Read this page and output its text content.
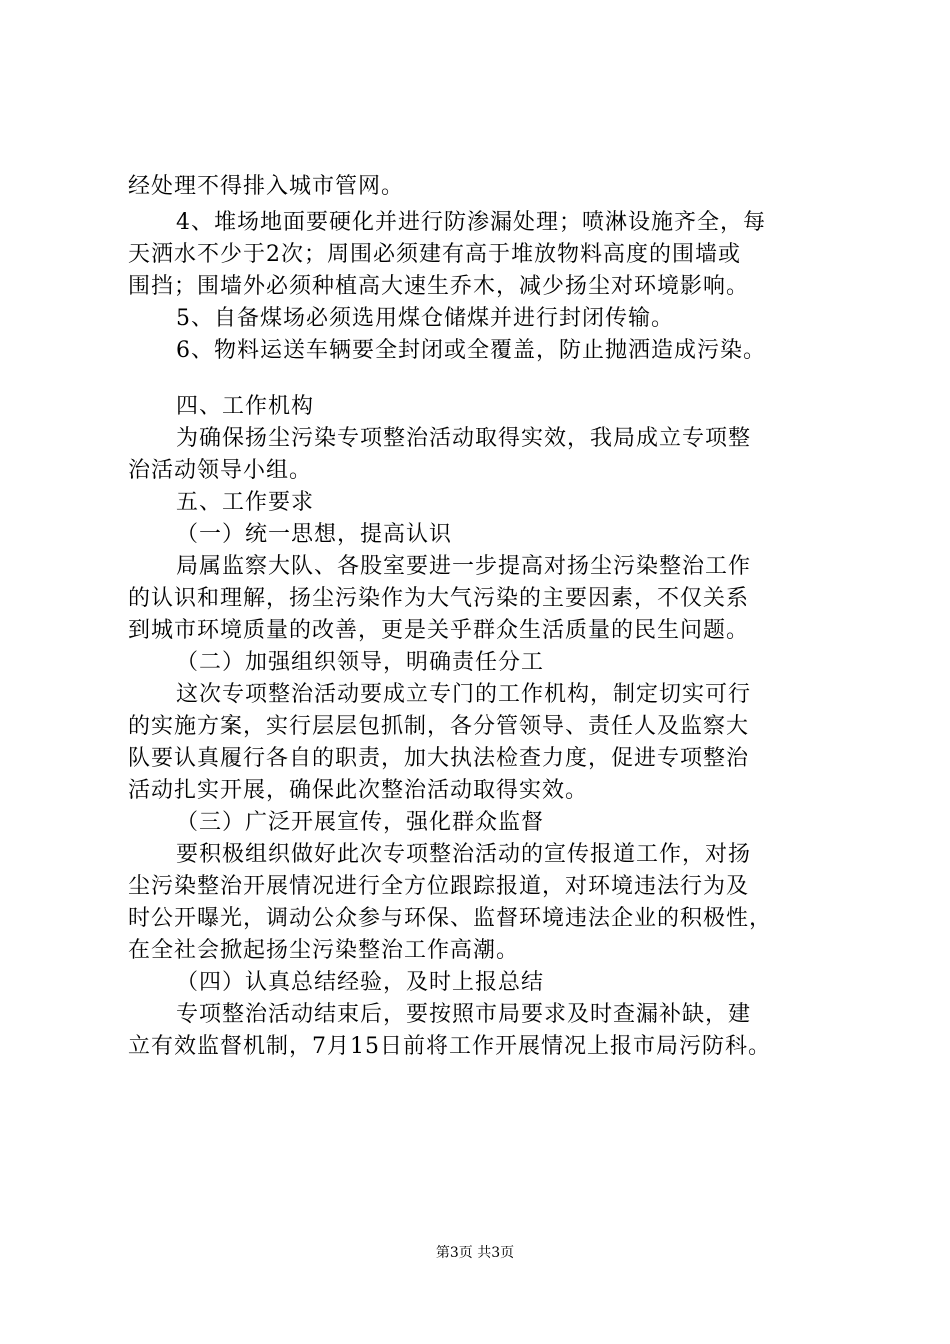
经处理不得排入城市管网。
4、堆场地面要硬化并进行防渗漏处理；喷淋设施齐全，每
天洒水不少于2次；周围必须建有高于堆放物料高度的围墙或
围挡；围墙外必须种植高大速生乔木，减少扬尘对环境影响。
5、自备煤场必须选用煤仓储煤并进行封闭传输。
6、物料运送车辆要全封闭或全覆盖，防止抛洒造成污染。
四、工作机构
为确保扬尘污染专项整治活动取得实效，我局成立专项整
治活动领导小组。
五、工作要求
（一）统一思想，提高认识
局属监察大队、各股室要进一步提高对扬尘污染整治工作
的认识和理解，扬尘污染作为大气污染的主要因素，不仅关系
到城市环境质量的改善，更是关乎群众生活质量的民生问题。
（二）加强组织领导，明确责任分工
这次专项整治活动要成立专门的工作机构，制定切实可行
的实施方案，实行层层包抓制，各分管领导、责任人及监察大
队要认真履行各自的职责，加大执法检查力度，促进专项整治
活动扎实开展，确保此次整治活动取得实效。
（三）广泛开展宣传，强化群众监督
要积极组织做好此次专项整治活动的宣传报道工作，对扬
尘污染整治开展情况进行全方位跟踪报道，对环境违法行为及
时公开曝光，调动公众参与环保、监督环境违法企业的积极性，
在全社会掀起扬尘污染整治工作高潮。
（四）认真总结经验，及时上报总结
专项整治活动结束后，要按照市局要求及时查漏补缺，建
立有效监督机制，7月15日前将工作开展情况上报市局污防科。
第3页 共3页
